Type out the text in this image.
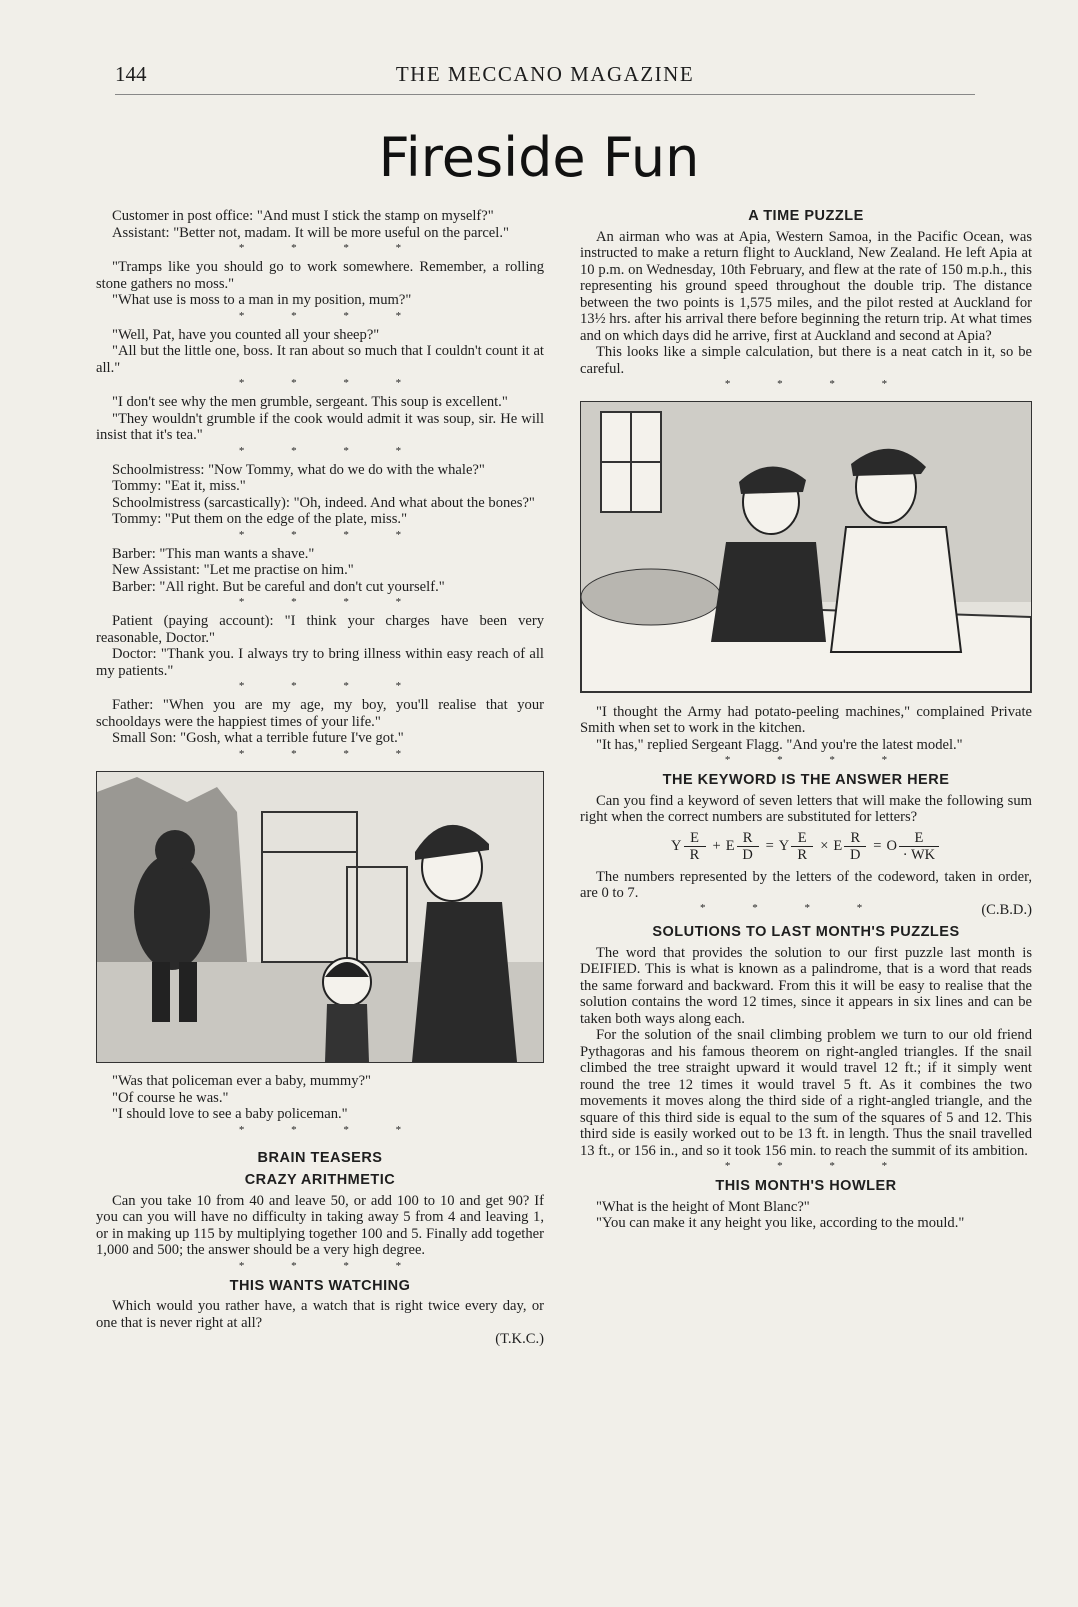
144	THE MECCANO MAGAZINE
Fireside Fun

Customer in post office: "And must I stick the stamp on myself?"

Assistant: "Better not, madam. It will be more useful on the parcel."

* * * *

"Tramps like you should go to work somewhere. Remember, a rolling stone gathers no moss."

"What use is moss to a man in my position, mum?"

* * * *

"Well, Pat, have you counted all your sheep?"

"All but the little one, boss. It ran about so much that I couldn't count it at all."

* * * *

"I don't see why the men grumble, sergeant. This soup is excellent."

"They wouldn't grumble if the cook would admit it was soup, sir. He will insist that it's tea."

* * * *

Schoolmistress: "Now Tommy, what do we do with the whale?"

Tommy: "Eat it, miss."

Schoolmistress (sarcastically): "Oh, indeed. And what about the bones?"

Tommy: "Put them on the edge of the plate, miss."

* * * *

Barber: "This man wants a shave."

New Assistant: "Let me practise on him."

Barber: "All right. But be careful and don't cut yourself."

* * * *

Patient (paying account): "I think your charges have been very reasonable, Doctor."

Doctor: "Thank you. I always try to bring illness within easy reach of all my patients."

* * * *

Father: "When you are my age, my boy, you'll realise that your schooldays were the happiest times of your life."

Small Son: "Gosh, what a terrible future I've got."

* * * *

"Was that policeman ever a baby, mummy?"

"Of course he was."

"I should love to see a baby policeman."

* * * *
BRAIN TEASERS
CRAZY ARITHMETIC

Can you take 10 from 40 and leave 50, or add 100 to 10 and get 90? If you can you will have no difficulty in taking away 5 from 4 and leaving 1, or in making up 115 by multiplying together 100 and 5. Finally add together 1,000 and 500; the answer should be a very high degree.

* * * *
THIS WANTS WATCHING

Which would you rather have, a watch that is right twice every day, or one that is never right at all?

(T.K.C.)
A TIME PUZZLE

An airman who was at Apia, Western Samoa, in the Pacific Ocean, was instructed to make a return flight to Auckland, New Zealand. He left Apia at 10 p.m. on Wednesday, 10th February, and flew at the rate of 150 m.p.h., this representing his ground speed throughout the double trip. The distance between the two points is 1,575 miles, and the pilot rested at Auckland for 13½ hrs. after his arrival there before beginning the return trip. At what times and on which days did he arrive, first at Auckland and second at Apia?

This looks like a simple calculation, but there is a neat catch in it, so be careful.

* * * *

"I thought the Army had potato-peeling machines," complained Private Smith when set to work in the kitchen.

"It has," replied Sergeant Flagg. "And you're the latest model."

* * * *
THE KEYWORD IS THE ANSWER HERE

Can you find a keyword of seven letters that will make the following sum right when the correct numbers are substituted for letters?

Y $\frac{E}{R} + E \frac{R}{D} = Y \frac{E}{R} \times E \frac{R}{D} = O \frac{E}{\cdot WK}$

The numbers represented by the letters of the codeword, taken in order, are 0 to 7.

* * * *	(C.B.D.)
SOLUTIONS TO LAST MONTH'S PUZZLES

The word that provides the solution to our first puzzle last month is DEIFIED. This is what is known as a palindrome, that is a word that reads the same forward and backward. From this it will be easy to realise that the solution contains the word 12 times, since it appears in six lines and can be taken both ways along each.

For the solution of the snail climbing problem we turn to our old friend Pythagoras and his famous theorem on right-angled triangles. If the snail climbed the tree straight upward it would travel 12 ft.; if it simply went round the tree 12 times it would travel 5 ft. As it combines the two movements it moves along the third side of a right-angled triangle, and the square of this third side is equal to the sum of the squares of 5 and 12. This third side is easily worked out to be 13 ft. in length. Thus the snail travelled 13 ft., or 156 in., and so it took 156 min. to reach the summit of its ambition.

* * * *
THIS MONTH'S HOWLER

"What is the height of Mont Blanc?"

"You can make it any height you like, according to the mould."
